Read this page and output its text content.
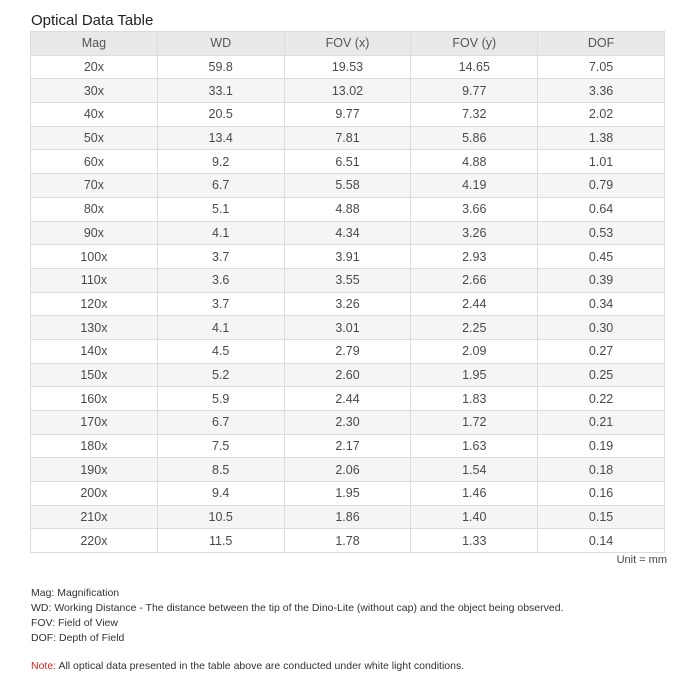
Optical Data Table
Mag	WD	FOV (x)	FOV (y)	DOF
20x	59.8	19.53	14.65	7.05
30x	33.1	13.02	9.77	3.36
40x	20.5	9.77	7.32	2.02
50x	13.4	7.81	5.86	1.38
60x	9.2	6.51	4.88	1.01
70x	6.7	5.58	4.19	0.79
80x	5.1	4.88	3.66	0.64
90x	4.1	4.34	3.26	0.53
100x	3.7	3.91	2.93	0.45
110x	3.6	3.55	2.66	0.39
120x	3.7	3.26	2.44	0.34
130x	4.1	3.01	2.25	0.30
140x	4.5	2.79	2.09	0.27
150x	5.2	2.60	1.95	0.25
160x	5.9	2.44	1.83	0.22
170x	6.7	2.30	1.72	0.21
180x	7.5	2.17	1.63	0.19
190x	8.5	2.06	1.54	0.18
200x	9.4	1.95	1.46	0.16
210x	10.5	1.86	1.40	0.15
220x	11.5	1.78	1.33	0.14
Unit = mm
Mag: Magnification
WD: Working Distance - The distance between the tip of the Dino-Lite (without cap) and the object being observed.
FOV: Field of View
DOF: Depth of Field
Note: All optical data presented in the table above are conducted under white light conditions.
